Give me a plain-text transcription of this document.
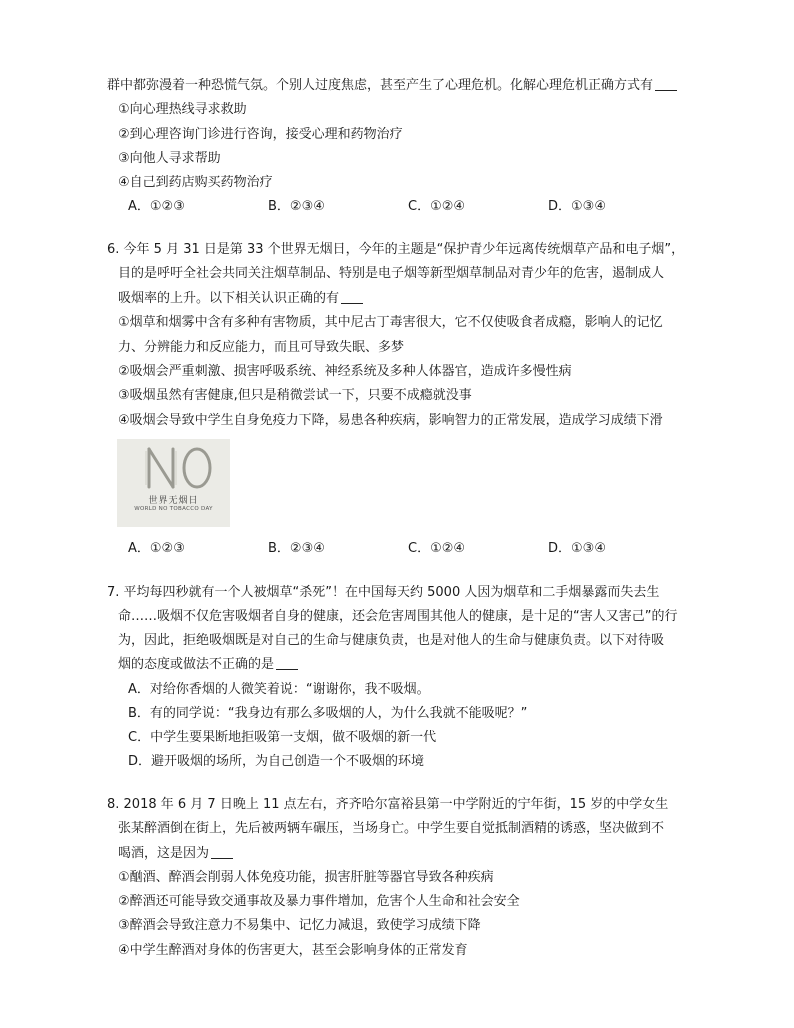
群中都弥漫着一种恐慌气氛。个别人过度焦虑，甚至产生了心理危机。化解心理危机正确方式有
①向心理热线寻求救助
②到心理咨询门诊进行咨询，接受心理和药物治疗
③向他人寻求帮助
④自己到药店购买药物治疗
A．①②③	B．②③④	C．①②④	D．①③④
6. 今年 5 月 31 日是第 33 个世界无烟日，今年的主题是“保护青少年远离传统烟草产品和电子烟”，
目的是呼吁全社会共同关注烟草制品、特别是电子烟等新型烟草制品对青少年的危害，遏制成人
吸烟率的上升。以下相关认识正确的有
①烟草和烟雾中含有多种有害物质，其中尼古丁毒害很大，它不仅使吸食者成瘾，影响人的记忆
力、分辨能力和反应能力，而且可导致失眠、多梦
②吸烟会严重刺激、损害呼吸系统、神经系统及多种人体器官，造成许多慢性病
③吸烟虽然有害健康,但只是稍微尝试一下，只要不成瘾就没事
④吸烟会导致中学生自身免疫力下降，易患各种疾病，影响智力的正常发展，造成学习成绩下滑
世界无烟日
WORLD NO TOBACCO DAY
A．①②③	B．②③④	C．①②④	D．①③④
7. 平均每四秒就有一个人被烟草“杀死”！在中国每天约 5000 人因为烟草和二手烟暴露而失去生
命……吸烟不仅危害吸烟者自身的健康，还会危害周围其他人的健康，是十足的“害人又害己”的行
为，因此，拒绝吸烟既是对自己的生命与健康负责，也是对他人的生命与健康负责。以下对待吸
烟的态度或做法不正确的是
A．对给你香烟的人微笑着说：“谢谢你，我不吸烟。
B．有的同学说：“我身边有那么多吸烟的人，为什么我就不能吸呢？”
C．中学生要果断地拒吸第一支烟，做不吸烟的新一代
D．避开吸烟的场所，为自己创造一个不吸烟的环境
8. 2018 年 6 月 7 日晚上 11 点左右，齐齐哈尔富裕县第一中学附近的宁年街，15 岁的中学女生
张某醉酒倒在街上，先后被两辆车碾压，当场身亡。中学生要自觉抵制酒精的诱惑，坚决做到不
喝酒，这是因为
①酗酒、醉酒会削弱人体免疫功能，损害肝脏等器官导致各种疾病
②醉酒还可能导致交通事故及暴力事件增加，危害个人生命和社会安全
③醉酒会导致注意力不易集中、记忆力减退，致使学习成绩下降
④中学生醉酒对身体的伤害更大，甚至会影响身体的正常发育
